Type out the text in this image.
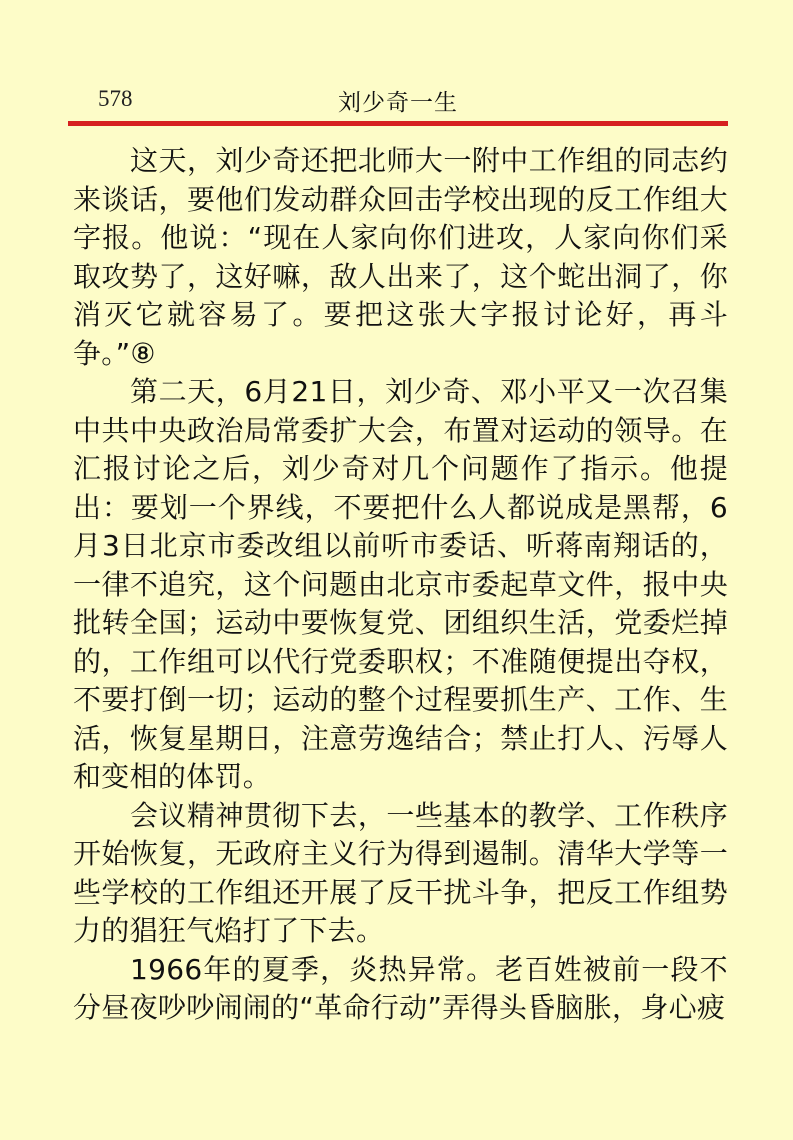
578	刘少奇一生

这天，刘少奇还把北师大一附中工作组的同志约来谈话，要他们发动群众回击学校出现的反工作组大字报。他说：“现在人家向你们进攻，人家向你们采取攻势了，这好嘛，敌人出来了，这个蛇出洞了，你消灭它就容易了。要把这张大字报讨论好，再斗争。”⑧

第二天，6月21日，刘少奇、邓小平又一次召集中共中央政治局常委扩大会，布置对运动的领导。在汇报讨论之后，刘少奇对几个问题作了指示。他提出：要划一个界线，不要把什么人都说成是黑帮，6月3日北京市委改组以前听市委话、听蒋南翔话的，一律不追究，这个问题由北京市委起草文件，报中央批转全国；运动中要恢复党、团组织生活，党委烂掉的，工作组可以代行党委职权；不准随便提出夺权，不要打倒一切；运动的整个过程要抓生产、工作、生活，恢复星期日，注意劳逸结合；禁止打人、污辱人和变相的体罚。

会议精神贯彻下去，一些基本的教学、工作秩序开始恢复，无政府主义行为得到遏制。清华大学等一些学校的工作组还开展了反干扰斗争，把反工作组势力的猖狂气焰打了下去。

1966年的夏季，炎热异常。老百姓被前一段不分昼夜吵吵闹闹的“革命行动”弄得头昏脑胀，身心疲
